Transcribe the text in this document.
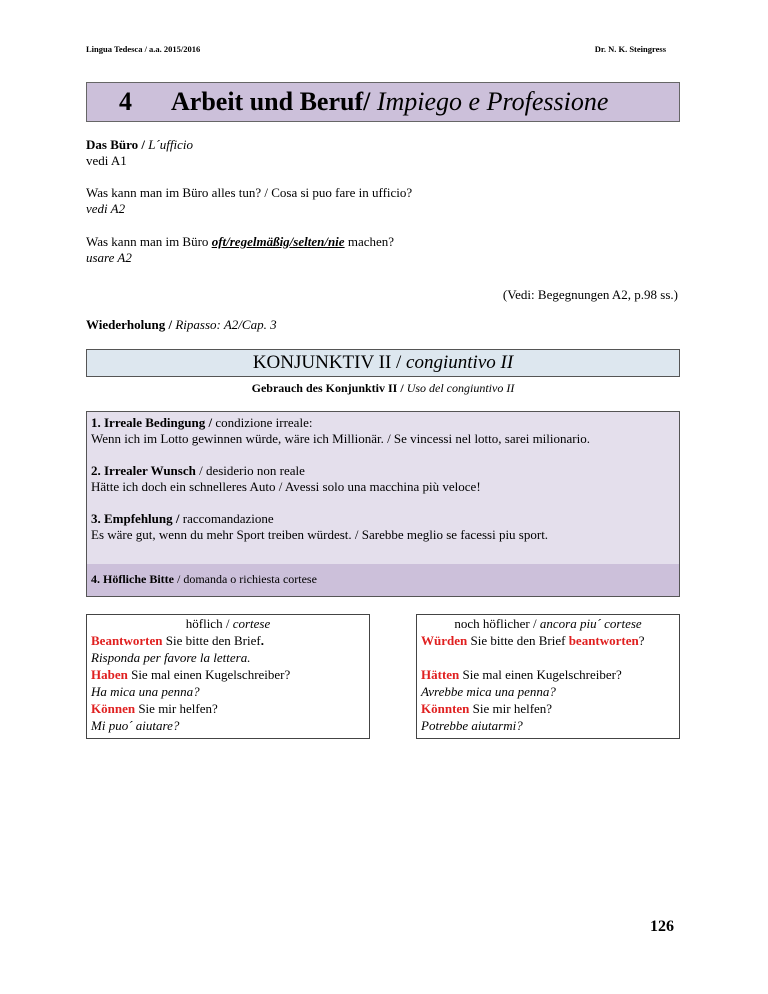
Lingua Tedesca / a.a. 2015/2016	Dr. N. K. Steingress
4 Arbeit und Beruf/ Impiego e Professione
Das Büro / L´ufficio
vedi A1
Was kann man im Büro alles tun? / Cosa si puo fare in ufficio?
vedi A2
Was kann man im Büro oft/regelmäßig/selten/nie machen?
usare A2
(Vedi: Begegnungen A2, p.98 ss.)
Wiederholung / Ripasso: A2/Cap. 3
KONJUNKTIV II / congiuntivo II
Gebrauch des Konjunktiv II / Uso del congiuntivo II

1. Irreale Bedingung / condizione irreale:
Wenn ich im Lotto gewinnen würde, wäre ich Millionär. / Se vincessi nel lotto, sarei milionario.

2. Irrealer Wunsch / desiderio non reale
Hätte ich doch ein schnelleres Auto / Avessi solo una macchina più veloce!

3. Empfehlung / raccomandazione
Es wäre gut, wenn du mehr Sport treiben würdest. / Sarebbe meglio se facessi piu sport.

4. Höfliche Bitte / domanda o richiesta cortese
höflich / cortese
Beantworten Sie bitte den Brief.
Risponda per favore la lettera.
Haben Sie mal einen Kugelschreiber?
Ha mica una penna?
Können Sie mir helfen?
Mi puo´ aiutare?

noch höflicher / ancora piu´ cortese
Würden Sie bitte den Brief beantworten?

Hätten Sie mal einen Kugelschreiber?
Avrebbe mica una penna?
Könnten Sie mir helfen?
Potrebbe aiutarmi?
126
